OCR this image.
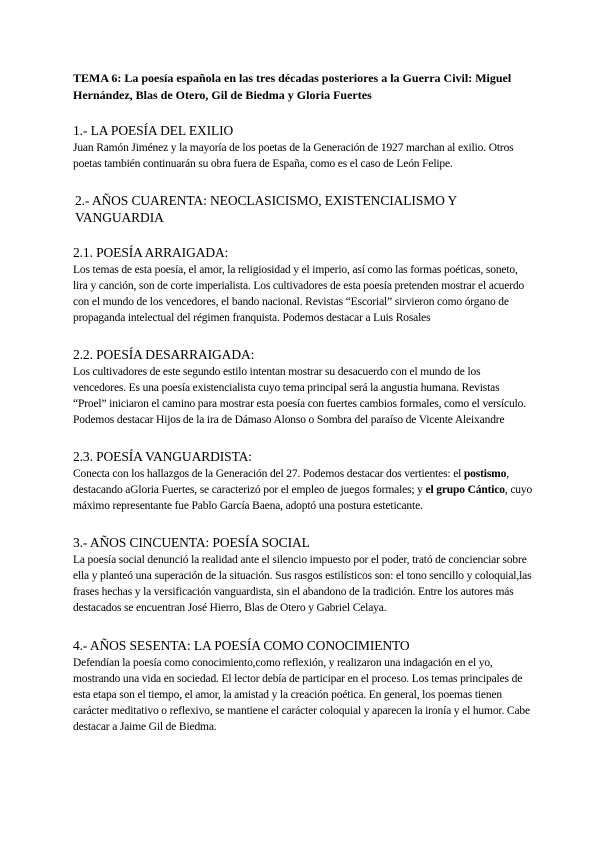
TEMA 6: La poesía española en las tres décadas posteriores a la Guerra Civil: Miguel Hernández, Blas de Otero, Gil de Biedma y Gloria Fuertes

1.- LA POESÍA DEL EXILIO

Juan Ramón Jiménez y la mayoría de los poetas de la Generación de 1927 marchan al exilio. Otros poetas también continuarán su obra fuera de España, como es el caso de León Felipe.

2.- AÑOS CUARENTA: NEOCLASICISMO, EXISTENCIALISMO Y VANGUARDIA
2.1. POESÍA ARRAIGADA:

Los temas de esta poesía, el amor, la religiosidad y el imperio, así como las formas poéticas, soneto, lira y canción, son de corte imperialista. Los cultivadores de esta poesía pretenden mostrar el acuerdo con el mundo de los vencedores, el bando nacional. Revistas “Escorial” sirvieron como órgano de propaganda intelectual del régimen franquista. Podemos destacar a Luis Rosales

2.2. POESÍA DESARRAIGADA:

Los cultivadores de este segundo estilo intentan mostrar su desacuerdo con el mundo de los vencedores. Es una poesía existencialista cuyo tema principal será la angustia humana. Revistas “Proel” iniciaron el camino para mostrar esta poesía con fuertes cambios formales, como el versículo. Podemos destacar Hijos de la ira de Dámaso Alonso o Sombra del paraíso de Vicente Aleixandre

2.3. POESÍA VANGUARDISTA:

Conecta con los hallazgos de la Generación del 27. Podemos destacar dos vertientes: el postismo, destacando aGloria Fuertes, se caracterizó por el empleo de juegos formales; y el grupo Cántico, cuyo máximo representante fue Pablo García Baena, adoptó una postura esteticante.

3.- AÑOS CINCUENTA: POESÍA SOCIAL

La poesía social denunció la realidad ante el silencio impuesto por el poder, trató de concienciar sobre ella y planteó una superación de la situación. Sus rasgos estilísticos son: el tono sencillo y coloquial,las frases hechas y la versificación vanguardista, sin el abandono de la tradición. Entre los autores más destacados se encuentran José Hierro, Blas de Otero y Gabriel Celaya.

4.- AÑOS SESENTA: LA POESÍA COMO CONOCIMIENTO

Defendían la poesía como conocimiento,como reflexión, y realizaron una indagación en el yo, mostrando una vida en sociedad. El lector debía de participar en el proceso. Los temas principales de esta etapa son el tiempo, el amor, la amistad y la creación poética. En general, los poemas tienen carácter meditativo o reflexivo, se mantiene el carácter coloquial y aparecen la ironía y el humor. Cabe destacar a Jaime Gil de Biedma.
